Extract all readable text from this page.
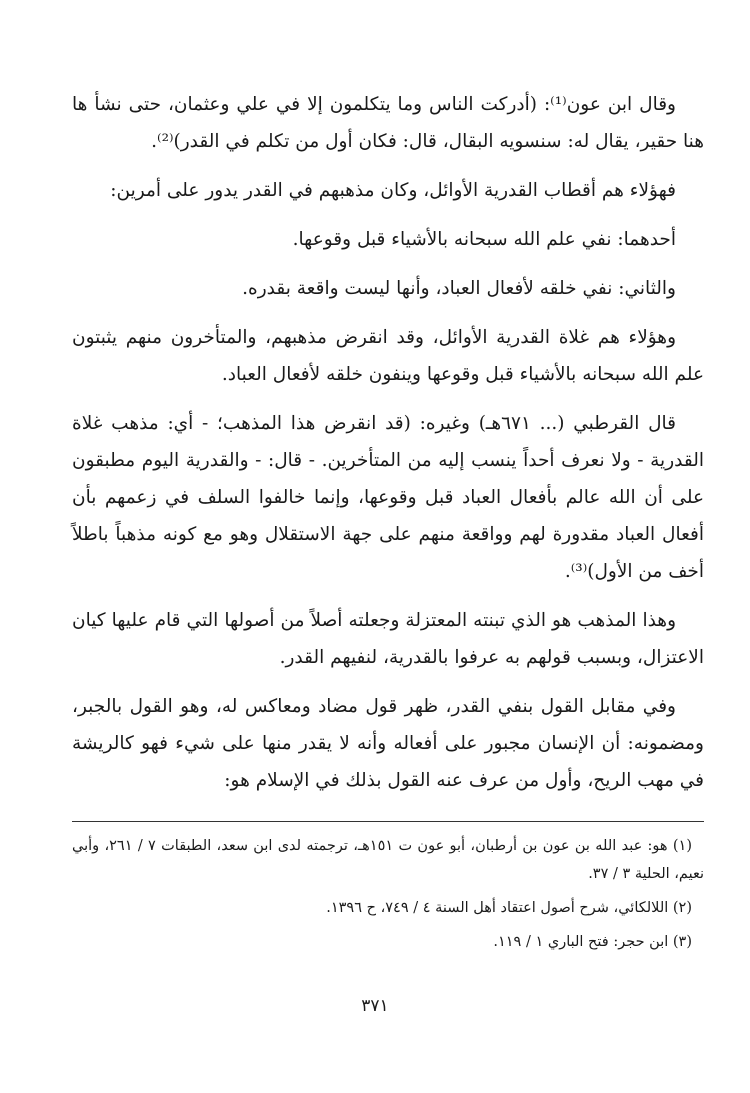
وقال ابن عون⁽¹⁾: (أدركت الناس وما يتكلمون إلا في علي وعثمان، حتى نشأ ها هنا حقير، يقال له: سنسويه البقال، قال: فكان أول من تكلم في القدر)⁽²⁾.

فهؤلاء هم أقطاب القدرية الأوائل، وكان مذهبهم في القدر يدور على أمرين:

أحدهما: نفي علم الله سبحانه بالأشياء قبل وقوعها.

والثاني: نفي خلقه لأفعال العباد، وأنها ليست واقعة بقدره.

وهؤلاء هم غلاة القدرية الأوائل، وقد انقرض مذهبهم، والمتأخرون منهم يثبتون علم الله سبحانه بالأشياء قبل وقوعها وينفون خلقه لأفعال العباد.

قال القرطبي (... ٦٧١هـ) وغيره: (قد انقرض هذا المذهب؛ - أي: مذهب غلاة القدرية - ولا نعرف أحداً ينسب إليه من المتأخرين. - قال: - والقدرية اليوم مطبقون على أن الله عالم بأفعال العباد قبل وقوعها، وإنما خالفوا السلف في زعمهم بأن أفعال العباد مقدورة لهم وواقعة منهم على جهة الاستقلال وهو مع كونه مذهباً باطلاً أخف من الأول)⁽³⁾.

وهذا المذهب هو الذي تبنته المعتزلة وجعلته أصلاً من أصولها التي قام عليها كيان الاعتزال، وبسبب قولهم به عرفوا بالقدرية، لنفيهم القدر.

وفي مقابل القول بنفي القدر، ظهر قول مضاد ومعاكس له، وهو القول بالجبر، ومضمونه: أن الإنسان مجبور على أفعاله وأنه لا يقدر منها على شيء فهو كالريشة في مهب الريح، وأول من عرف عنه القول بذلك في الإسلام هو:

(١) هو: عبد الله بن عون بن أرطبان، أبو عون ت ١٥١هـ، ترجمته لدى ابن سعد، الطبقات ٧ / ٢٦١، وأبي نعيم، الحلية ٣ / ٣٧.

(٢) اللالكائي، شرح أصول اعتقاد أهل السنة ٤ / ٧٤٩، ح ١٣٩٦.

(٣) ابن حجر: فتح الباري ١ / ١١٩.

٣٧١
